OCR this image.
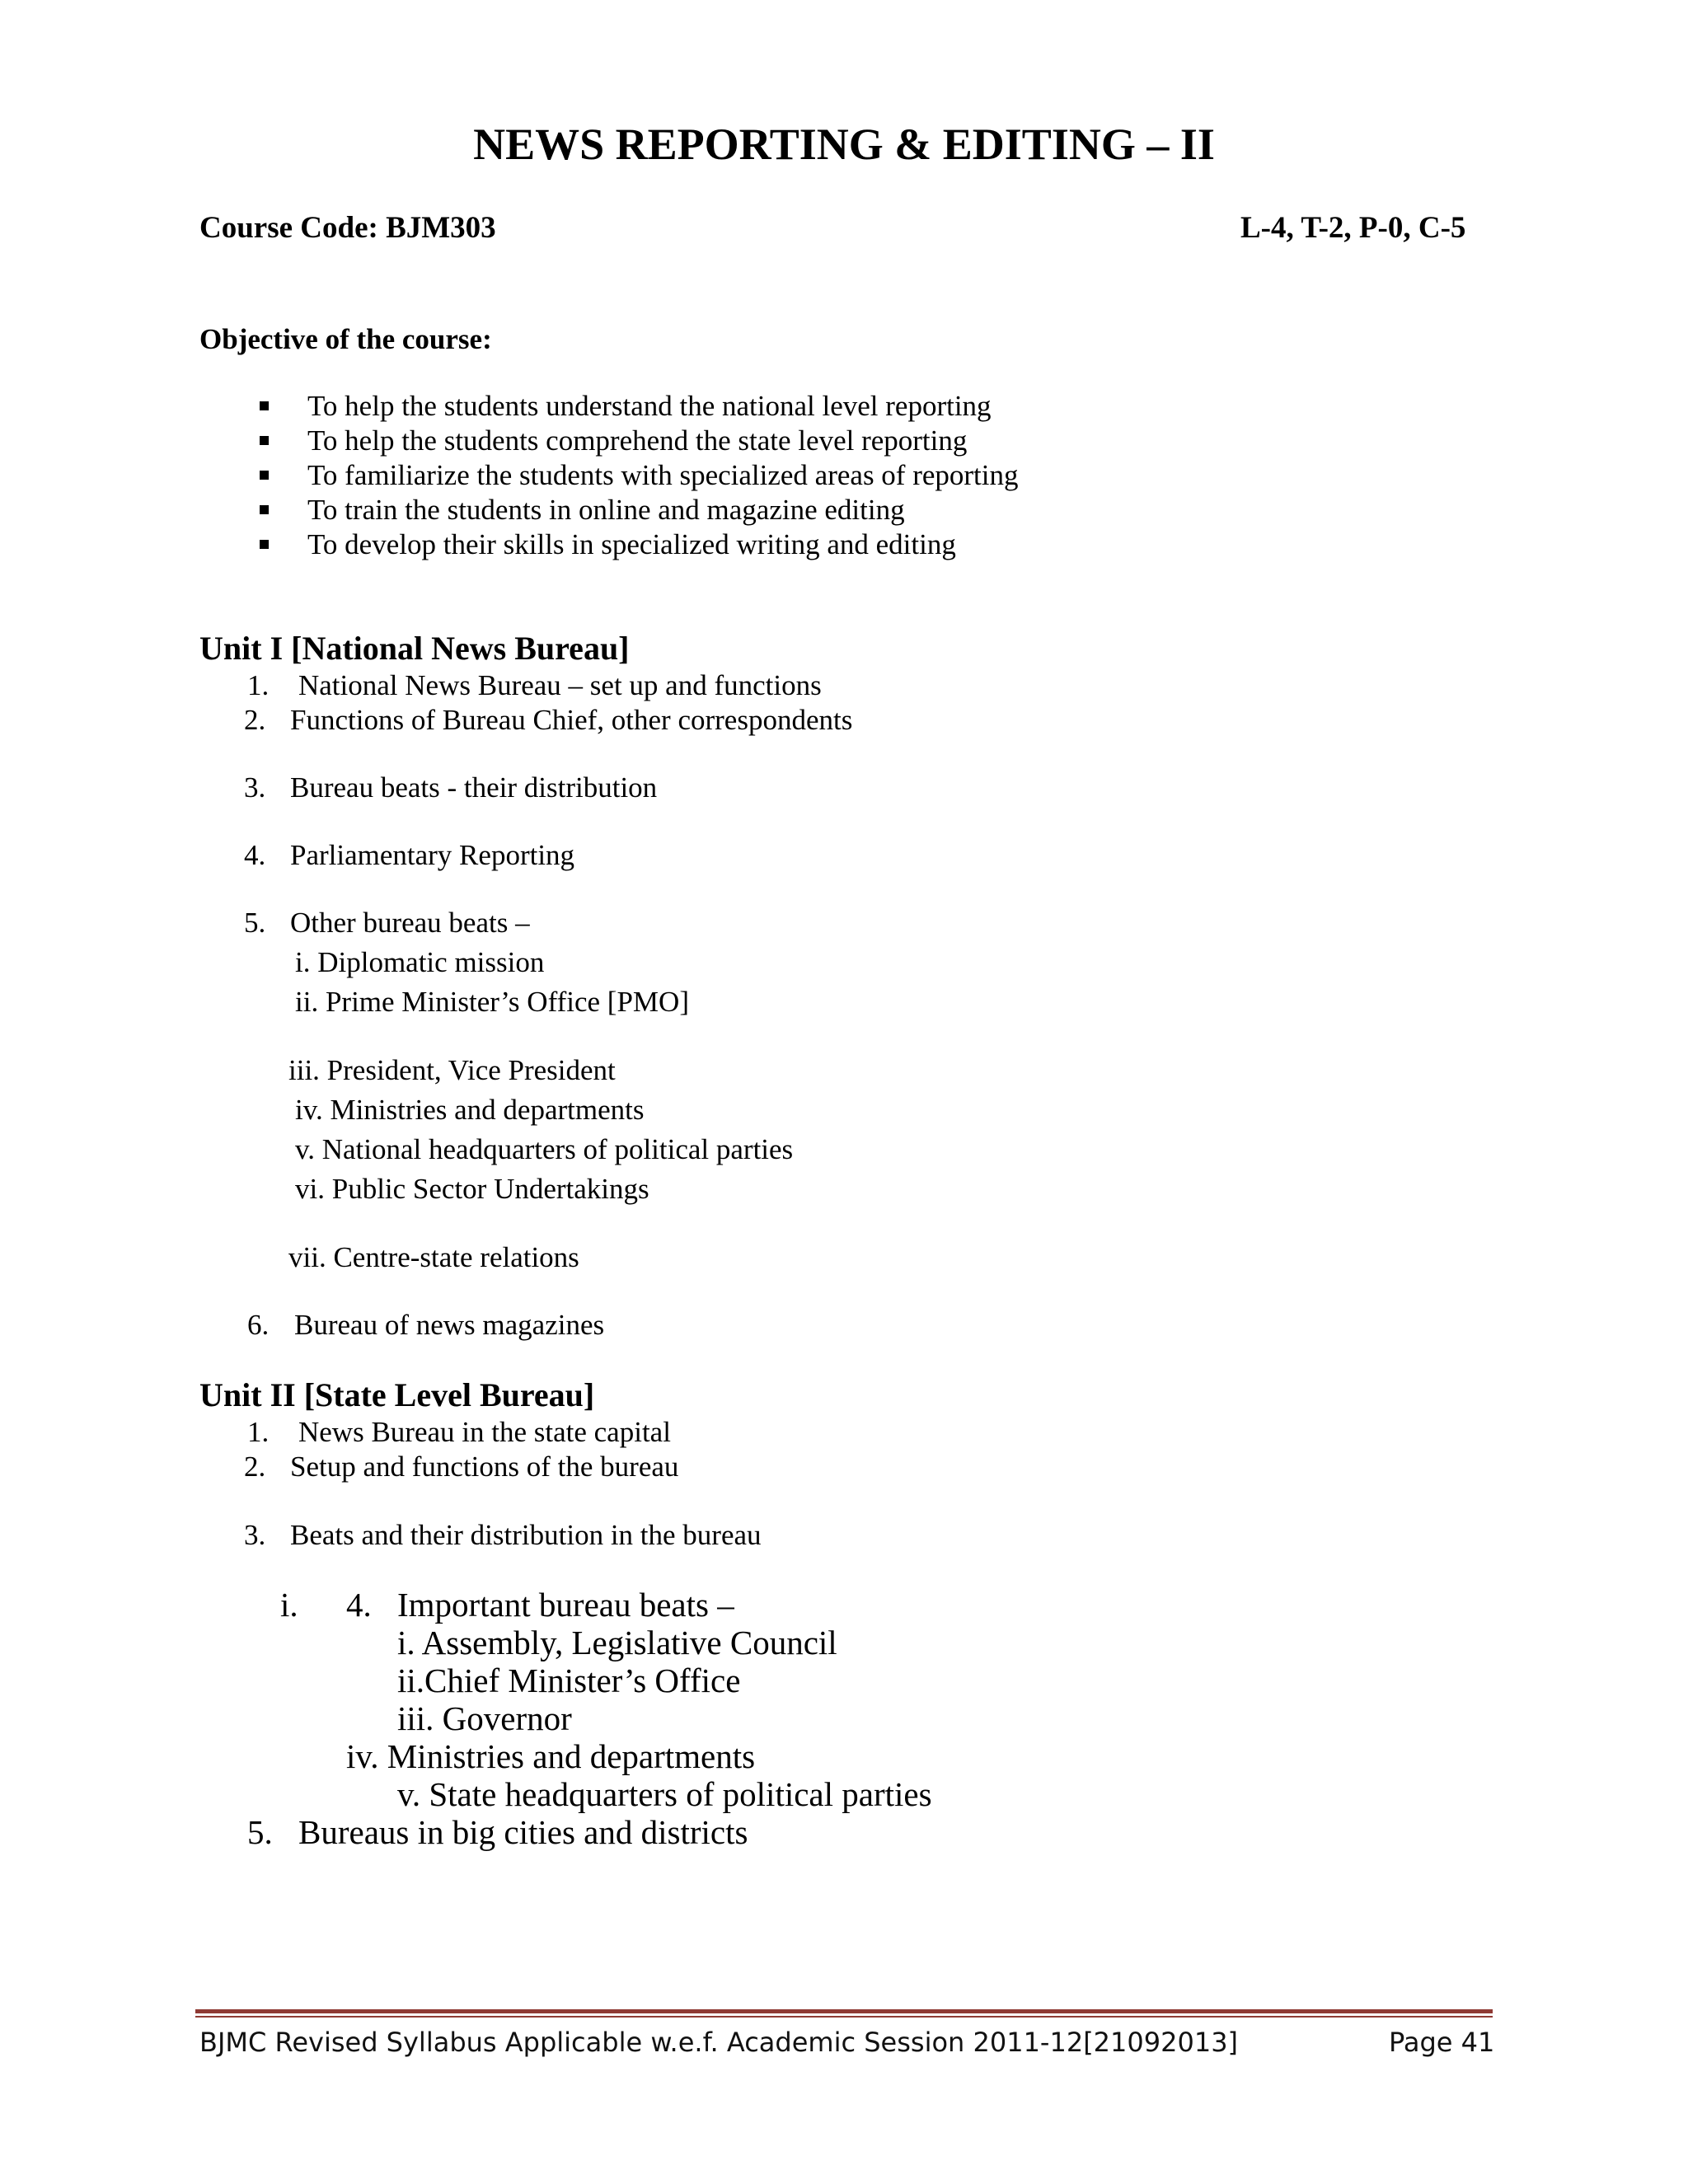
NEWS REPORTING & EDITING – II
Course Code: BJM303	L-4, T-2, P-0, C-5
Objective of the course:
To help the students understand the national level reporting
To help the students comprehend the state level reporting
To familiarize the students with specialized areas of reporting
To train the students in online and magazine editing
To develop their skills in specialized writing and editing
Unit I [National News Bureau]
1. National News Bureau – set up and functions
2. Functions of Bureau Chief, other correspondents
3. Bureau beats - their distribution
4. Parliamentary Reporting
5. Other bureau beats –
i. Diplomatic mission
ii. Prime Minister’s Office [PMO]
iii. President, Vice President
iv. Ministries and departments
v. National headquarters of political parties
vi. Public Sector Undertakings
vii. Centre-state relations
6. Bureau of news magazines
Unit II [State Level Bureau]
1. News Bureau in the state capital
2. Setup and functions of the bureau
3. Beats and their distribution in the bureau
i. 4. Important bureau beats –
i. Assembly, Legislative Council
ii.Chief Minister’s Office
iii. Governor
iv. Ministries and departments
v. State headquarters of political parties
5. Bureaus in big cities and districts
BJMC Revised Syllabus Applicable w.e.f. Academic Session 2011-12[21092013]	Page 41
